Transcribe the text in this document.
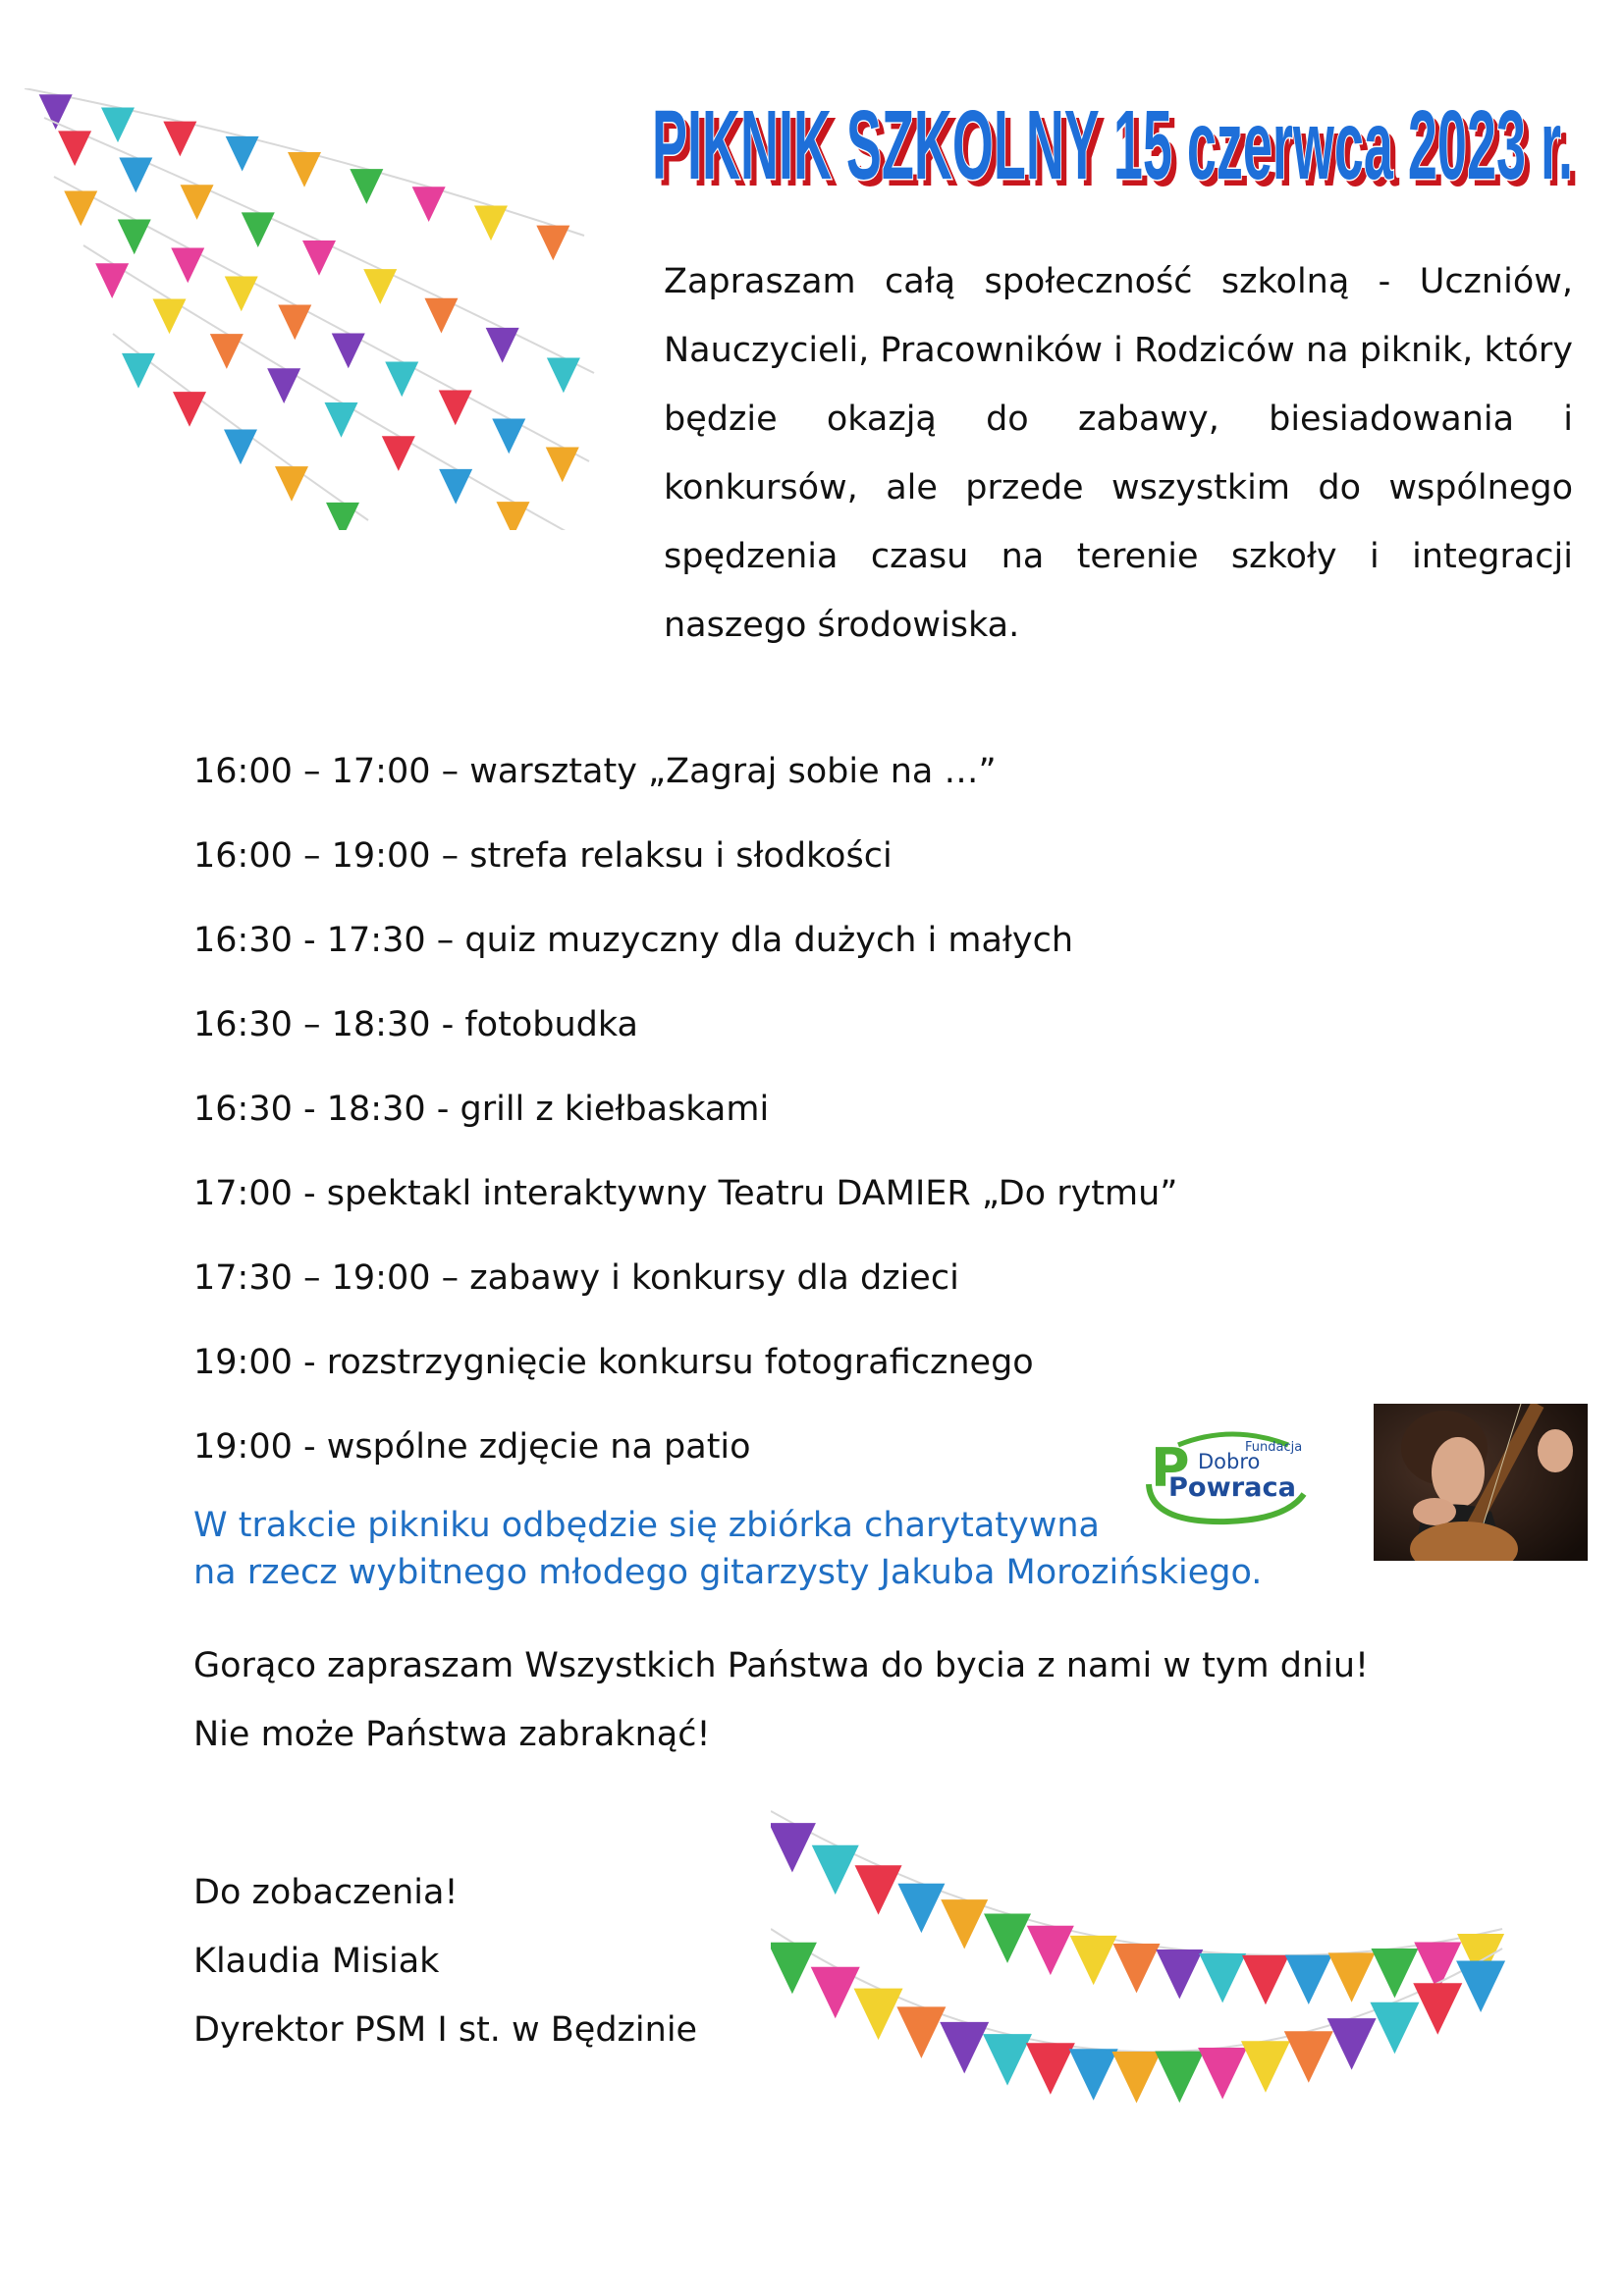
PIKNIK SZKOLNY 15 czerwca 2023 r.
PIKNIK SZKOLNY 15 czerwca 2023 r.
Zapraszam całą społeczność szkolną - Uczniów, Nauczycieli, Pracowników i Rodziców na piknik, który będzie okazją do zabawy, biesiadowania i konkursów, ale przede wszystkim do wspólnego spędzenia czasu na terenie szkoły i integracji naszego środowiska.
16:00 – 17:00 – warsztaty „Zagraj sobie na …”
16:00 – 19:00 – strefa relaksu i słodkości
16:30 - 17:30 – quiz muzyczny dla dużych i małych
16:30 – 18:30 - fotobudka
16:30 - 18:30 - grill z kiełbaskami
17:00 - spektakl interaktywny Teatru DAMIER „Do rytmu”
17:30 – 19:00 – zabawy i konkursy dla dzieci
19:00 - rozstrzygnięcie konkursu fotograficznego
19:00 - wspólne zdjęcie na patio
W trakcie pikniku odbędzie się zbiórka charytatywna
na rzecz wybitnego młodego gitarzysty Jakuba Morozińskiego.
Gorąco zapraszam Wszystkich Państwa do bycia z nami w tym dniu!
Nie może Państwa zabraknąć!
Do zobaczenia!
Klaudia Misiak
Dyrektor PSM I st. w Będzinie
P	Fundacja
Dobro
Powraca
